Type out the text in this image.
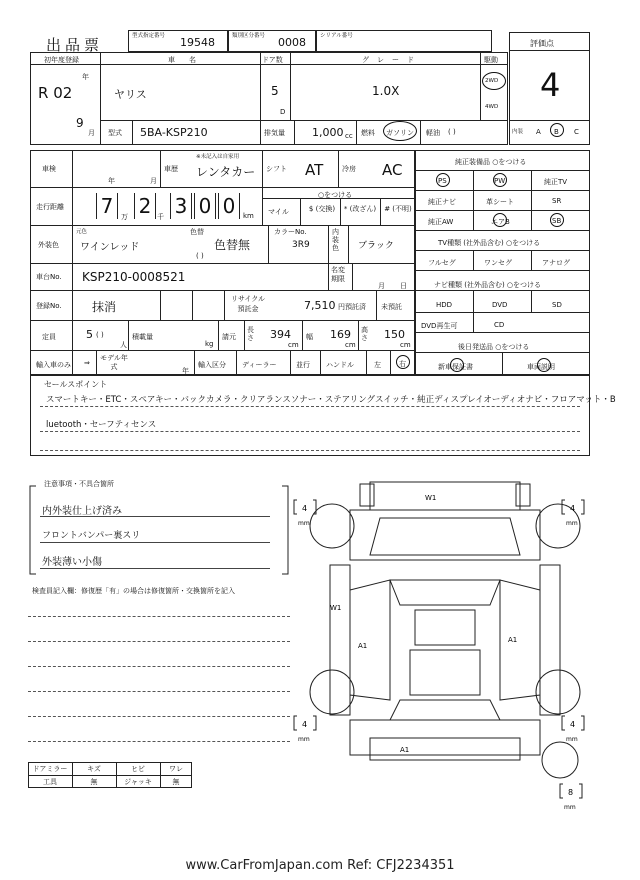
出品票	型式指定番号 19548	類別区分番号 0008	シリアル番号
評価点
4
初年度登録
年
R 02
9
月
車名
ヤリス
ドア数
5
D
グレード
1.0X
駆動
2WD
4WD
型式 5BA-KSP210	排気量 1,000 cc 燃料 ガソリン 軽油 ( )	内装 A B C
車検
年	月
車歴
※未記入は自家用
レンタカー シフト AT	冷房 AC
走行距離 7 2 3 0 0
万	千	km
○をつける
マイル	$ (交換)	* (改ざん)	# (不明)
外装色
元色
ワインレッド
色替
色替無
( )
カラーNo.
3R9
内装色	ブラック
車台No. KSP210-0008521	名変期限
月 日
登録No.	抹消
リサイクル預託金	7,510 円預託済 未預託
定員	5 ( )
人
積載量
kg
請元
長さ 394
cm
幅 169
cm
高さ 150
cm
輸入車のみ ⇒
モデル年式	年
輸入区分 ディーラー	並行 ハンドル	左	右
純正装備品 ○をつける
PS	PW	純正TV
純正ナビ	革シート	SR
純正AW	エアB	SB
TV種類 (社外品含む) ○をつける
フルセグ	ワンセグ	アナログ
ナビ種類 (社外品含む) ○をつける
HDD	DVD	SD
DVD再生可	CD
後日発送品 ○をつける
新車保証書	車両説明
セールスポイント
スマートキー・ETC・スペアキー・バックカメラ・クリアランスソナー・ステアリングスイッチ・純正ディスプレイオーディオナビ・フロアマット・B
luetooth・セーフティセンス
注意事項・不具合箇所
内外装仕上げ済み
フロントバンパー裏スリ
外装薄い小傷
検査員記入欄：修復歴「有」の場合は修復箇所・交換箇所を記入
W1
W1
A1
A1
A1
4
mm
4
mm
4
mm
4
mm
8
mm
ドアミラー	キズ	ヒビ	ワレ
工具	無	ジャッキ	無
www.CarFromJapan.com Ref: CFJ2234351
